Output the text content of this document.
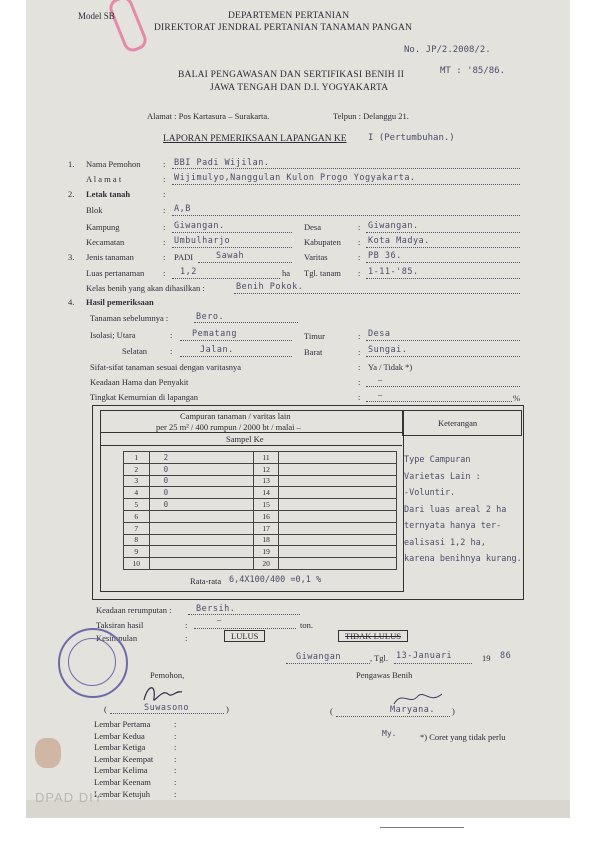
Model SB	DEPARTEMEN PERTANIAN
DIREKTORAT JENDRAL PERTANIAN TANAMAN PANGAN
No. JP/2.2008/2.
MT : '85/86.
BALAI PENGAWASAN DAN SERTIFIKASI BENIH II
JAWA TENGAH DAN D.I. YOGYAKARTA
Alamat : Pos Kartasura – Surakarta.	Telpun : Delanggu 21.
LAPORAN PEMERIKSAAN LAPANGAN KE I (Pertumbuhan.)
1. Nama Pemohon	: BBI Padi Wijilan.
A l a m a t	: Wijimulyo,Nanggulan Kulon Progo Yogyakarta.
2. Letak tanah	:
Blok	: A,B
Kampung	: Giwangan.	Desa	: Giwangan.
Kecamatan	: Umbulharjo	Kabupaten : Kota Madya.
3. Jenis tanaman	: PADI	Sawah	Varitas	: PB 36.
Luas pertanaman : 1,2	ha Tgl. tanam : 1-11-'85.
Kelas benih yang akan dihasilkan :	Benih Pokok.
4. Hasil pemeriksaan
Tanaman sebelumnya :	Bero.
Isolasi; Utara	: Pematang	Timur	: Desa
Selatan	:	Jalan.	Barat	: Sungai.
Sifat-sifat tanaman sesuai dengan varitasnya	: Ya / Tidak *)
Keadaan Hama dan Penyakit	: –
Tingkat Kemurnian di lapangan	: –	%
Campuran tanaman / varitas lain
per 25 m² / 400 rumpun / 2000 bt / malai –	Keterangan
Sampel Ke
1	2	11	
2	0	12	
3	0	13	
4	0	14	
5	0	15	
6		16	
7		17	
8		18	
9		19	
10		20	
Rata-rata 6,4X100/400 =0,1 %
Type Campuran
Varietas Lain :
-Voluntir.
Dari luas areal 2 ha
ternyata hanya ter-
ealisasi 1,2 ha,
karena benihnya kurang.
Keadaan rerumputan :	Bersih.
Taksiran hasil	:
–
ton.
Kesimpulan	:	LULUS	TIDAK LULUS
Giwangan	, Tgl. 13-Januari	19 86
Pemohon,	Pengawas Benih
(	Suwasono	)	(	Maryana. )
My.	*) Coret yang tidak perlu
Lembar Pertama	:
Lembar Kedua	:
Lembar Ketiga	:
Lembar Keempat :
Lembar Kelima	:
Lembar Keenam	:
Lembar Ketujuh	:
DPAD DIY
